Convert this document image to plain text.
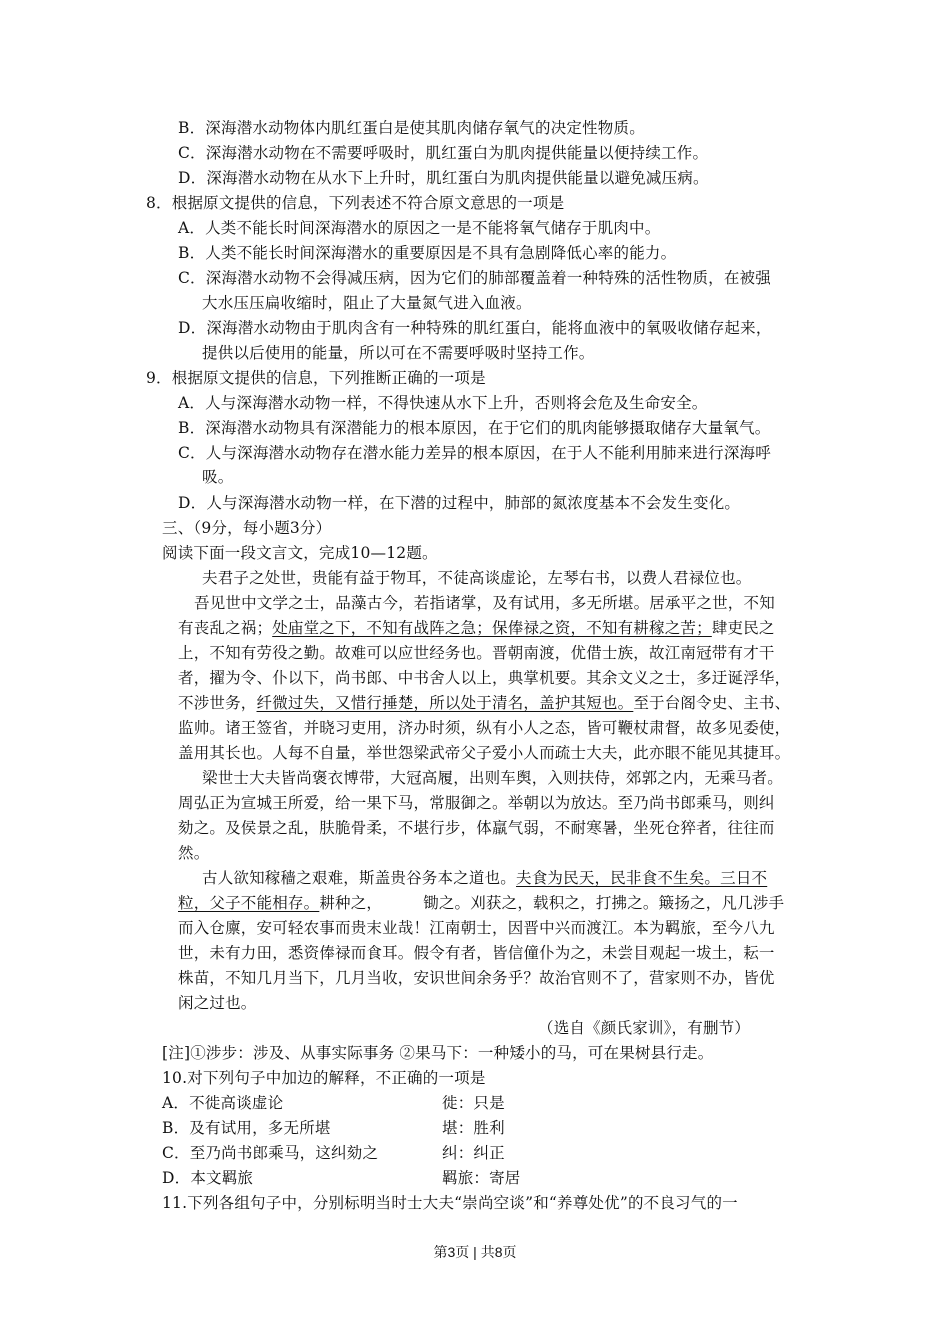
B．深海潜水动物体内肌红蛋白是使其肌肉储存氧气的决定性物质。
C．深海潜水动物在不需要呼吸时，肌红蛋白为肌肉提供能量以便持续工作。
D．深海潜水动物在从水下上升时，肌红蛋白为肌肉提供能量以避免减压病。
8．根据原文提供的信息，下列表述不符合原文意思的一项是
A．人类不能长时间深海潜水的原因之一是不能将氧气储存于肌肉中。
B．人类不能长时间深海潜水的重要原因是不具有急剧降低心率的能力。
C．深海潜水动物不会得减压病，因为它们的肺部覆盖着一种特殊的活性物质，在被强
大水压压扁收缩时，阻止了大量氮气进入血液。
D．深海潜水动物由于肌肉含有一种特殊的肌红蛋白，能将血液中的氧吸收储存起来，
提供以后使用的能量，所以可在不需要呼吸时坚持工作。
9．根据原文提供的信息，下列推断正确的一项是
A．人与深海潜水动物一样，不得快速从水下上升，否则将会危及生命安全。
B．深海潜水动物具有深潜能力的根本原因，在于它们的肌肉能够摄取储存大量氧气。
C．人与深海潜水动物存在潜水能力差异的根本原因，在于人不能利用肺来进行深海呼
吸。
D．人与深海潜水动物一样，在下潜的过程中，肺部的氮浓度基本不会发生变化。
三、（9分，每小题3分）
阅读下面一段文言文，完成10—12题。
夫君子之处世，贵能有益于物耳，不徒高谈虚论，左琴右书，以费人君禄位也。
吾见世中文学之士，品藻古今，若指诸掌，及有试用，多无所堪。居承平之世，不知
有丧乱之祸；处庙堂之下，不知有战阵之急；保俸禄之资，不知有耕稼之苦；肆吏民之
上，不知有劳役之勤。故难可以应世经务也。晋朝南渡，优借士族，故江南冠带有才干
者，擢为令、仆以下，尚书郎、中书舍人以上，典掌机要。其余文义之士，多迂诞浮华，
不涉世务，纤微过失，又惜行捶楚，所以处于清名，盖护其短也。至于台阁令史、主书、
监帅。诸王签省，并晓习吏用，济办时须，纵有小人之态，皆可鞭杖肃督，故多见委使，
盖用其长也。人每不自量，举世怨梁武帝父子爱小人而疏士大夫，此亦眼不能见其捷耳。
梁世士大夫皆尚褒衣博带，大冠高履，出则车舆，入则扶侍，郊郭之内，无乘马者。
周弘正为宣城王所爱，给一果下马，常服御之。举朝以为放达。至乃尚书郎乘马，则纠
劾之。及侯景之乱，肤脆骨柔，不堪行步，体羸气弱，不耐寒暑，坐死仓猝者，往往而
然。
古人欲知稼穑之艰难，斯盖贵谷务本之道也。夫食为民天，民非食不生矣。三日不
粒，父子不能相存。耕种之，        锄之。刈获之，载积之，打拂之。簸扬之，凡几涉手
而入仓廪，安可轻农事而贵末业哉！江南朝士，因晋中兴而渡江。本为羁旅，至今八九
世，未有力田，悉资俸禄而食耳。假令有者，皆信僮仆为之，未尝目观起一坺土，耘一
株苗，不知几月当下，几月当收，安识世间余务乎？故治官则不了，营家则不办，皆优
闲之过也。
（选自《颜氏家训》，有删节）
[注]①涉步：涉及、从事实际事务 ②果马下：一种矮小的马，可在果树县行走。
10.对下列句子中加边的解释，不正确的一项是
A．不徙高谈虚论	徙：只是
B．及有试用，多无所堪	堪：胜利
C．至乃尚书郎乘马，这纠劾之	纠：纠正
D．本文羁旅	羁旅：寄居
11.下列各组句子中，分别标明当时士大夫“崇尚空谈”和“养尊处优”的不良习气的一
第3页 | 共8页
